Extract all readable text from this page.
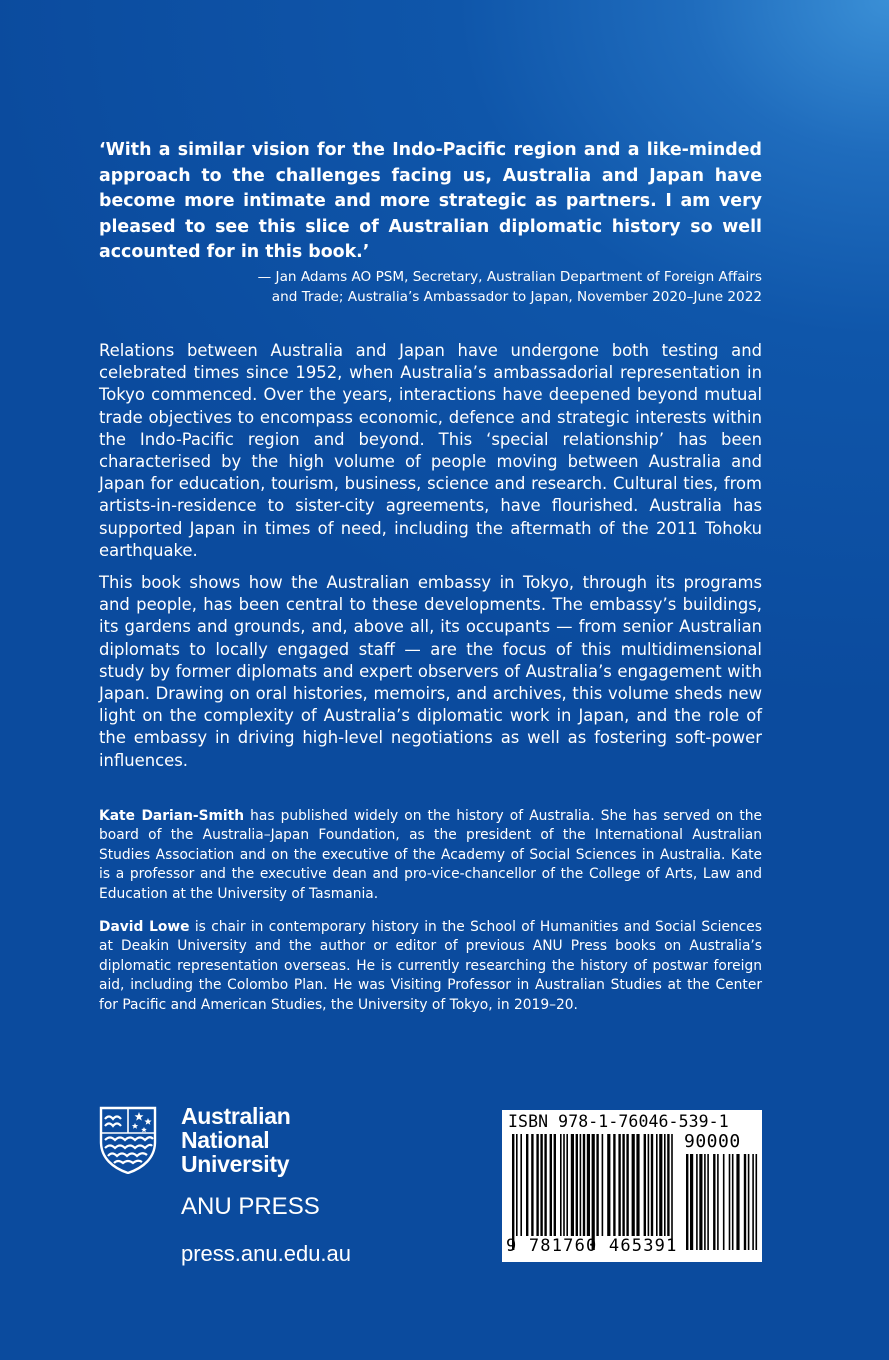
‘With a similar vision for the Indo-Pacific region and a like-minded approach to the challenges facing us, Australia and Japan have become more intimate and more strategic as partners. I am very pleased to see this slice of Australian diplomatic history so well accounted for in this book.’

— Jan Adams AO PSM, Secretary, Australian Department of Foreign Affairs
and Trade; Australia’s Ambassador to Japan, November 2020–June 2022

Relations between Australia and Japan have undergone both testing and celebrated times since 1952, when Australia’s ambassadorial representation in Tokyo commenced. Over the years, interactions have deepened beyond mutual trade objectives to encompass economic, defence and strategic interests within the Indo-Pacific region and beyond. This ‘special relationship’ has been characterised by the high volume of people moving between Australia and Japan for education, tourism, business, science and research. Cultural ties, from artists-in-residence to sister-city agreements, have flourished. Australia has supported Japan in times of need, including the aftermath of the 2011 Tohoku earthquake.

This book shows how the Australian embassy in Tokyo, through its programs and people, has been central to these developments. The embassy’s buildings, its gardens and grounds, and, above all, its occupants — from senior Australian diplomats to locally engaged staff — are the focus of this multidimensional study by former diplomats and expert observers of Australia’s engagement with Japan. Drawing on oral histories, memoirs, and archives, this volume sheds new light on the complexity of Australia’s diplomatic work in Japan, and the role of the embassy in driving high-level negotiations as well as fostering soft-power influences.

Kate Darian-Smith has published widely on the history of Australia. She has served on the board of the Australia–Japan Foundation, as the president of the International Australian Studies Association and on the executive of the Academy of Social Sciences in Australia. Kate is a professor and the executive dean and pro-vice-chancellor of the College of Arts, Law and Education at the University of Tasmania.

David Lowe is chair in contemporary history in the School of Humanities and Social Sciences at Deakin University and the author or editor of previous ANU Press books on Australia’s diplomatic representation overseas. He is currently researching the history of postwar foreign aid, including the Colombo Plan. He was Visiting Professor in Australian Studies at the Center for Pacific and American Studies, the University of Tokyo, in 2019–20.

Australian
National
University
ANU PRESS
press.anu.edu.au
ISBN 978-1-76046-539-1
90000
9 781760 465391
